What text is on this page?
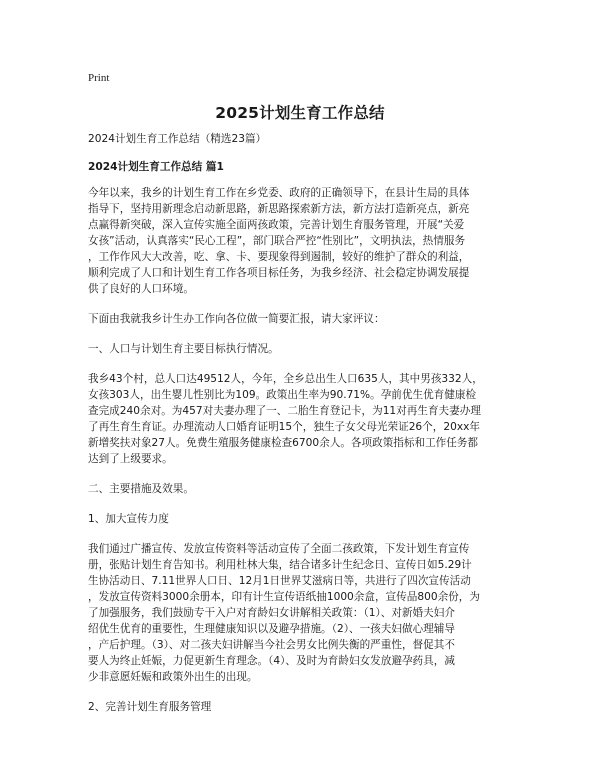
Print
2025计划生育工作总结
2024计划生育工作总结（精选23篇）
2024计划生育工作总结 篇1
今年以来，我乡的计划生育工作在乡党委、政府的正确领导下，在县计生局的具体
指导下，坚持用新理念启动新思路，新思路探索新方法，新方法打造新亮点，新亮
点赢得新突破，深入宣传实施全面两孩政策，完善计划生育服务管理，开展“关爱
女孩”活动，认真落实“民心工程”，部门联合严控“性别比”，文明执法，热情服务
，工作作风大大改善，吃、拿、卡、要现象得到遏制，较好的维护了群众的利益，
顺利完成了人口和计划生育工作各项目标任务，为我乡经济、社会稳定协调发展提
供了良好的人口环境。
下面由我就我乡计生办工作向各位做一简要汇报，请大家评议：
一、人口与计划生育主要目标执行情况。
我乡43个村，总人口达49512人，今年，全乡总出生人口635人，其中男孩332人，
女孩303人，出生婴儿性别比为109。政策出生率为90.71%。孕前优生优育健康检
查完成240余对。为457对夫妻办理了一、二胎生育登记卡，为11对再生育夫妻办理
了再生育生育证。办理流动人口婚育证明15个，独生子女父母光荣证26个，20xx年
新增奖扶对象27人。免费生殖服务健康检查6700余人。各项政策指标和工作任务都
达到了上级要求。
二、主要措施及效果。
1、加大宣传力度
我们通过广播宣传、发放宣传资料等活动宣传了全面二孩政策，下发计划生育宣传
册，张贴计划生育告知书。利用杜林大集，结合诸多计生纪念日、宣传日如5.29计
生协活动日、7.11世界人口日、12月1日世界艾滋病日等，共进行了四次宣传活动
，发放宣传资料3000余册本，印有计生宣传语纸抽1000余盒，宣传品800余份，为
了加强服务，我们鼓励专干入户对育龄妇女讲解相关政策：（1）、对新婚夫妇介
绍优生优育的重要性，生理健康知识以及避孕措施。（2）、一孩夫妇做心理辅导
，产后护理。（3）、对二孩夫妇讲解当今社会男女比例失衡的严重性，督促其不
要人为终止妊娠，力促更新生育理念。（4）、及时为育龄妇女发放避孕药具，减
少非意愿妊娠和政策外出生的出现。
2、完善计划生育服务管理
